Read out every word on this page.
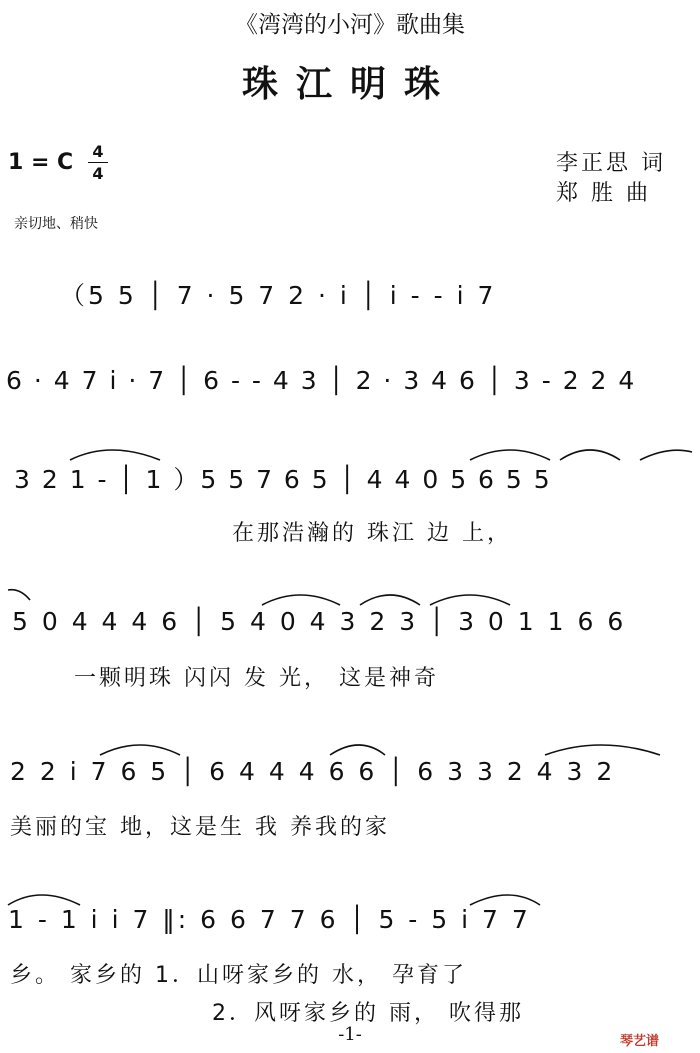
《湾湾的小河》歌曲集
珠江明珠
1 = C 4
4	李正思 词
郑 胜 曲
亲切地、稍快
（5 5 │ 7 · 5 7 2 · i │ i - - i 7
6 · 4 7 i · 7 │ 6 - - 4 3 │ 2 · 3 4 6 │ 3 - 2 2 4
3 2 1 - │ 1 ）5 5 7 6 5 │ 4 4 0 5 6 5 5
在那浩瀚的 珠江 边 上，
5 0 4 4 4 6 │ 5 4 0 4 3 2 3 │ 3 0 1 1 6 6
一颗明珠 闪闪 发 光， 这是神奇
2 2 i 7 6 5 │ 6 4 4 4 6 6 │ 6 3 3 2 4 3 2
美丽的宝 地，这是生 我 养我的家
1 - 1 i i 7 ‖: 6 6 7 7 6 │ 5 - 5 i 7 7
乡。 家乡的 1．山呀家乡的 水， 孕育了
2．风呀家乡的 雨， 吹得那
-1-	琴艺谱
